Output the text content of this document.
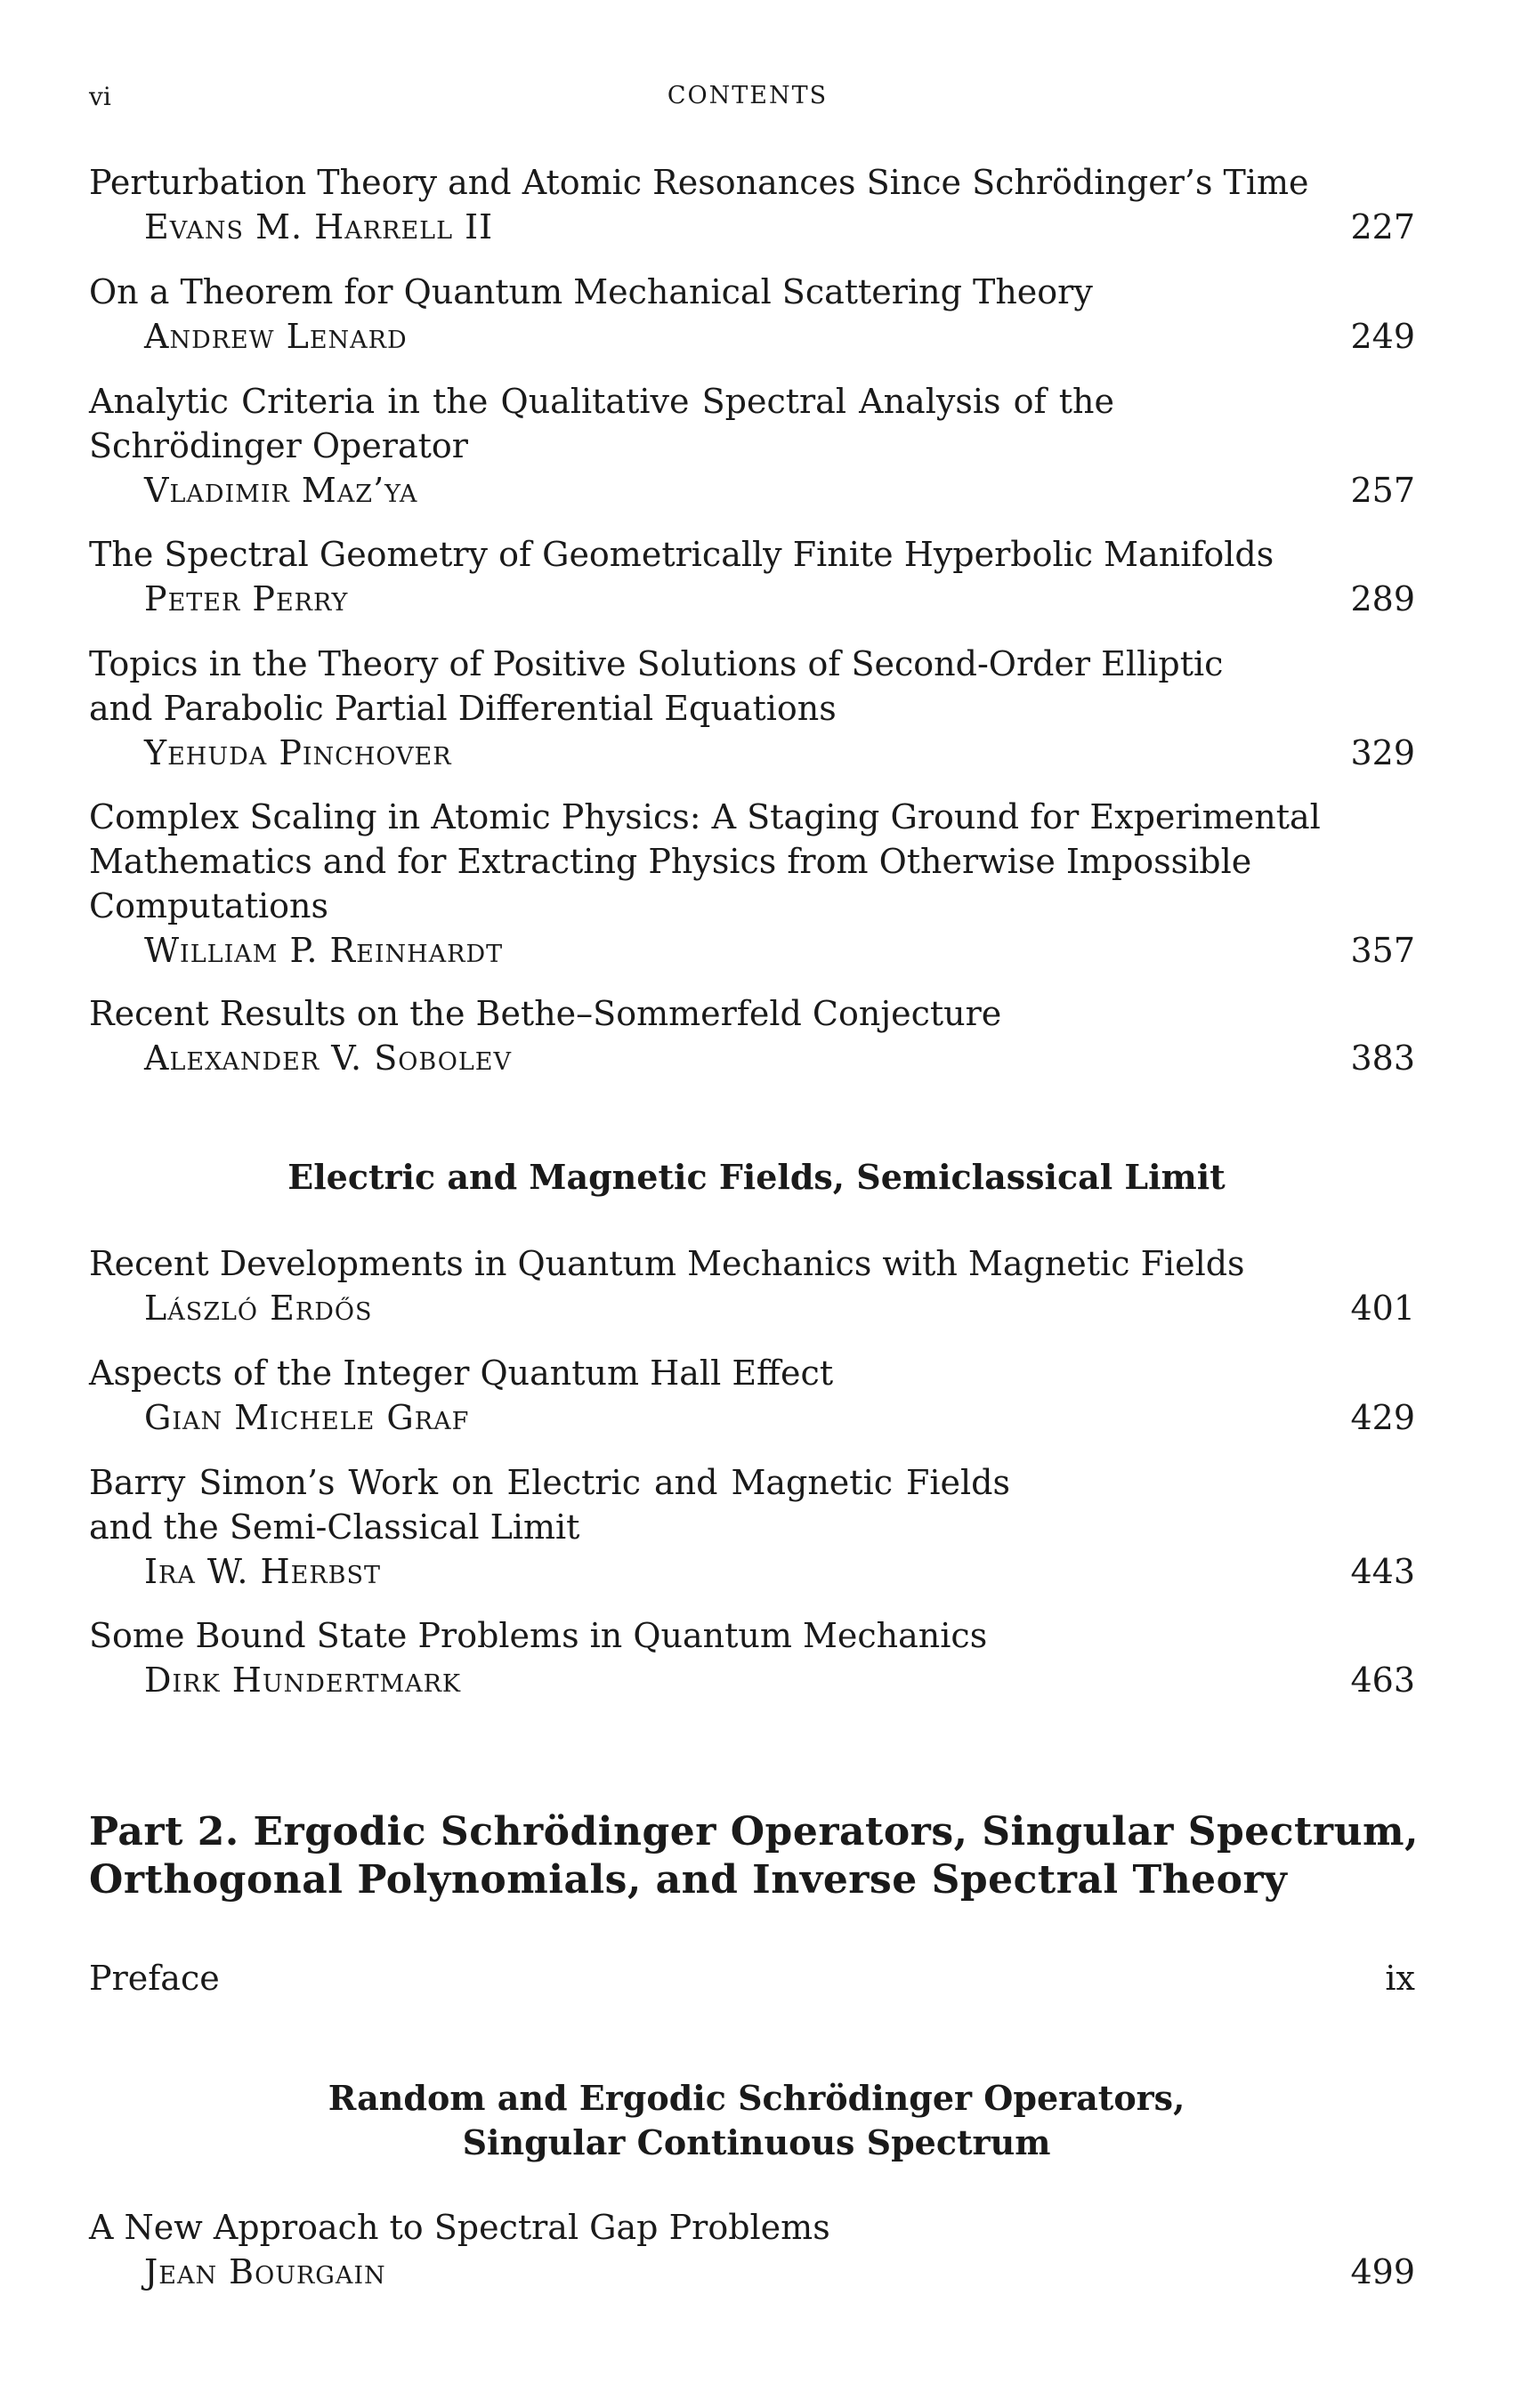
vi	CONTENTS
Perturbation Theory and Atomic Resonances Since Schrödinger’s Time
Evans M. Harrell II	227
On a Theorem for Quantum Mechanical Scattering Theory
Andrew Lenard	249
Analytic Criteria in the Qualitative Spectral Analysis of the
Schrödinger Operator
Vladimir Maz’ya	257
The Spectral Geometry of Geometrically Finite Hyperbolic Manifolds
Peter Perry	289
Topics in the Theory of Positive Solutions of Second-Order Elliptic
and Parabolic Partial Differential Equations
Yehuda Pinchover	329
Complex Scaling in Atomic Physics: A Staging Ground for Experimental
Mathematics and for Extracting Physics from Otherwise Impossible
Computations
William P. Reinhardt	357
Recent Results on the Bethe–Sommerfeld Conjecture
Alexander V. Sobolev	383
Electric and Magnetic Fields, Semiclassical Limit
Recent Developments in Quantum Mechanics with Magnetic Fields
László Erdős	401
Aspects of the Integer Quantum Hall Effect
Gian Michele Graf	429
Barry Simon’s Work on Electric and Magnetic Fields
and the Semi-Classical Limit
Ira W. Herbst	443
Some Bound State Problems in Quantum Mechanics
Dirk Hundertmark	463
Part 2. Ergodic Schrödinger Operators, Singular Spectrum,
Orthogonal Polynomials, and Inverse Spectral Theory
Preface	ix
Random and Ergodic Schrödinger Operators,
Singular Continuous Spectrum
A New Approach to Spectral Gap Problems
Jean Bourgain	499
